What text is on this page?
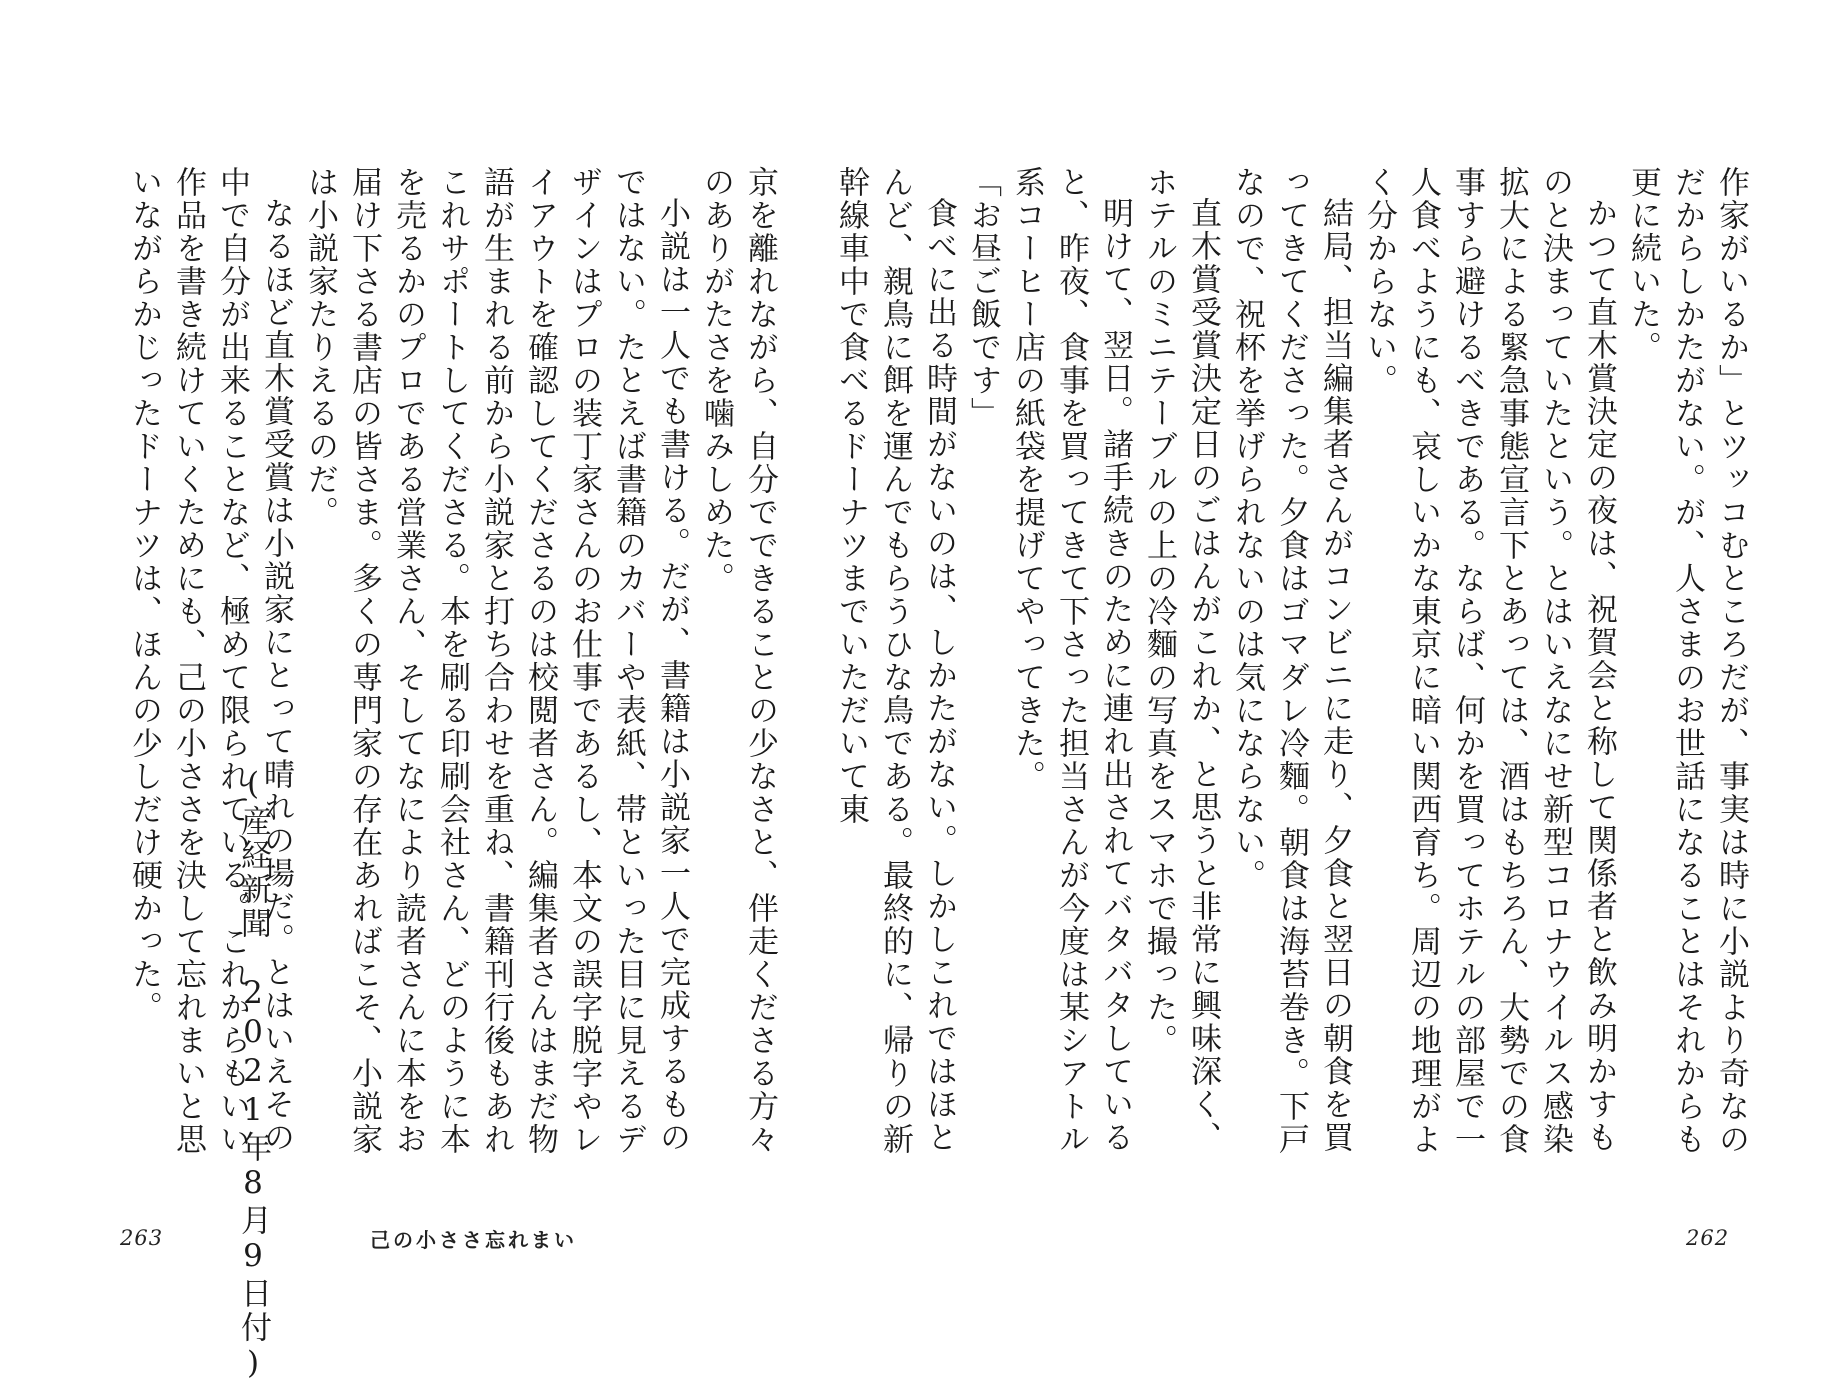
京を離れながら、自分でできることの少なさと、伴走くださる方々のありがたさを噛みしめた。

小説は一人でも書ける。だが、書籍は小説家一人で完成するものではない。たとえば書籍のカバーや表紙、帯といった目に見えるデザインはプロの装丁家さんのお仕事であるし、本文の誤字脱字やレイアウトを確認してくださるのは校閲者さん。編集者さんはまだ物語が生まれる前から小説家と打ち合わせを重ね、書籍刊行後もあれこれサポートしてくださる。本を刷る印刷会社さん、どのように本を売るかのプロである営業さん、そしてなにより読者さんに本をお届け下さる書店の皆さま。多くの専門家の存在あればこそ、小説家は小説家たりえるのだ。

なるほど直木賞受賞は小説家にとって晴れの場だ。とはいえその中で自分が出来ることなど、極めて限られている。これからもいい作品を書き続けていくためにも、己の小ささを決して忘れまいと思いながらかじったドーナツは、ほんの少しだけ硬かった。

(産経新聞　2021年8月9日付)
263	己の小ささ忘れまい

作家がいるか」とツッコむところだが、事実は時に小説より奇なのだからしかたがない。が、人さまのお世話になることはそれからも更に続いた。

かつて直木賞決定の夜は、祝賀会と称して関係者と飲み明かすものと決まっていたという。とはいえなにせ新型コロナウイルス感染拡大による緊急事態宣言下とあっては、酒はもちろん、大勢での食事すら避けるべきである。ならば、何かを買ってホテルの部屋で一人食べようにも、哀しいかな東京に暗い関西育ち。周辺の地理がよく分からない。

結局、担当編集者さんがコンビニに走り、夕食と翌日の朝食を買ってきてくださった。夕食はゴマダレ冷麵。朝食は海苔巻き。下戸なので、祝杯を挙げられないのは気にならない。

直木賞受賞決定日のごはんがこれか、と思うと非常に興味深く、ホテルのミニテーブルの上の冷麵の写真をスマホで撮った。

明けて、翌日。諸手続きのために連れ出されてバタバタしていると、昨夜、食事を買ってきて下さった担当さんが今度は某シアトル系コーヒー店の紙袋を提げてやってきた。

「お昼ご飯です」

食べに出る時間がないのは、しかたがない。しかしこれではほとんど、親鳥に餌を運んでもらうひな鳥である。最終的に、帰りの新幹線車中で食べるドーナツまでいただいて東

262
